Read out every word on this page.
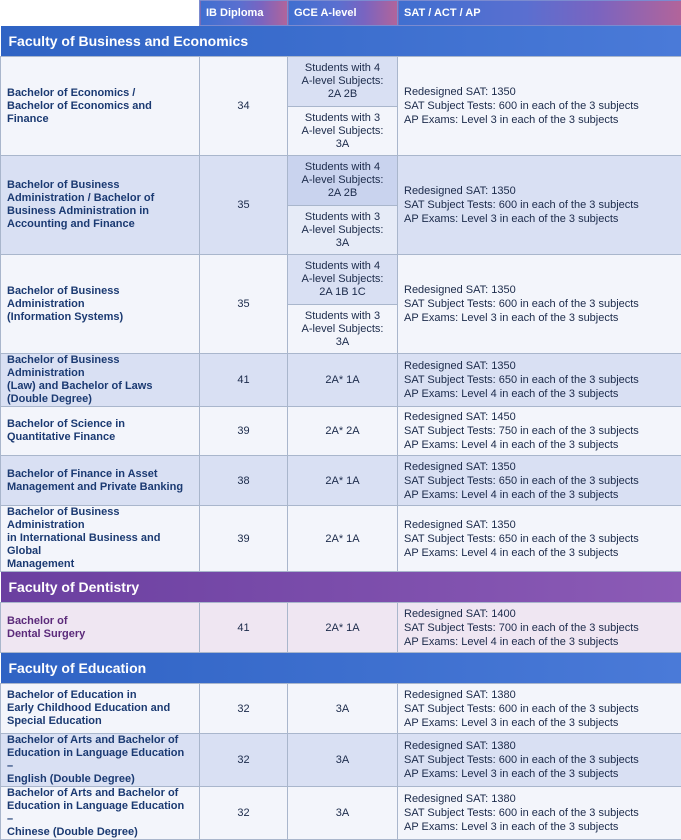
	IB Diploma	GCE A-level	SAT / ACT / AP
Faculty of Business and Economics			

Bachelor of Economics /
Bachelor of Economics and Finance	34	Students with 4
A-level Subjects:
2A 2B	Redesigned SAT: 1350
SAT Subject Tests: 600 in each of the 3 subjects
AP Exams: Level 3 in each of the 3 subjects

		Students with 3
A-level Subjects:
3A	

Bachelor of Business
Administration / Bachelor of
Business Administration in
Accounting and Finance	35	Students with 4
A-level Subjects:
2A 2B	Redesigned SAT: 1350
SAT Subject Tests: 600 in each of the 3 subjects
AP Exams: Level 3 in each of the 3 subjects

		Students with 3
A-level Subjects:
3A	

Bachelor of Business Administration
(Information Systems)	35	Students with 4
A-level Subjects:
2A 1B 1C	Redesigned SAT: 1350
SAT Subject Tests: 600 in each of the 3 subjects
AP Exams: Level 3 in each of the 3 subjects

		Students with 3
A-level Subjects:
3A	

Bachelor of Business Administration
(Law) and Bachelor of Laws
(Double Degree)	41	2A* 1A	Redesigned SAT: 1350
SAT Subject Tests: 650 in each of the 3 subjects
AP Exams: Level 4 in each of the 3 subjects

Bachelor of Science in
Quantitative Finance	39	2A* 2A	Redesigned SAT: 1450
SAT Subject Tests: 750 in each of the 3 subjects
AP Exams: Level 4 in each of the 3 subjects

Bachelor of Finance in Asset
Management and Private Banking	38	2A* 1A	Redesigned SAT: 1350
SAT Subject Tests: 650 in each of the 3 subjects
AP Exams: Level 4 in each of the 3 subjects

Bachelor of Business Administration
in International Business and Global
Management	39	2A* 1A	Redesigned SAT: 1350
SAT Subject Tests: 650 in each of the 3 subjects
AP Exams: Level 4 in each of the 3 subjects

Faculty of Dentistry			

Bachelor of
Dental Surgery	41	2A* 1A	Redesigned SAT: 1400
SAT Subject Tests: 700 in each of the 3 subjects
AP Exams: Level 4 in each of the 3 subjects

Faculty of Education			

Bachelor of Education in
Early Childhood Education and
Special Education	32	3A	Redesigned SAT: 1380
SAT Subject Tests: 600 in each of the 3 subjects
AP Exams: Level 3 in each of the 3 subjects

Bachelor of Arts and Bachelor of
Education in Language Education –
English (Double Degree)	32	3A	Redesigned SAT: 1380
SAT Subject Tests: 600 in each of the 3 subjects
AP Exams: Level 3 in each of the 3 subjects

Bachelor of Arts and Bachelor of
Education in Language Education –
Chinese (Double Degree)	32	3A	Redesigned SAT: 1380
SAT Subject Tests: 600 in each of the 3 subjects
AP Exams: Level 3 in each of the 3 subjects
